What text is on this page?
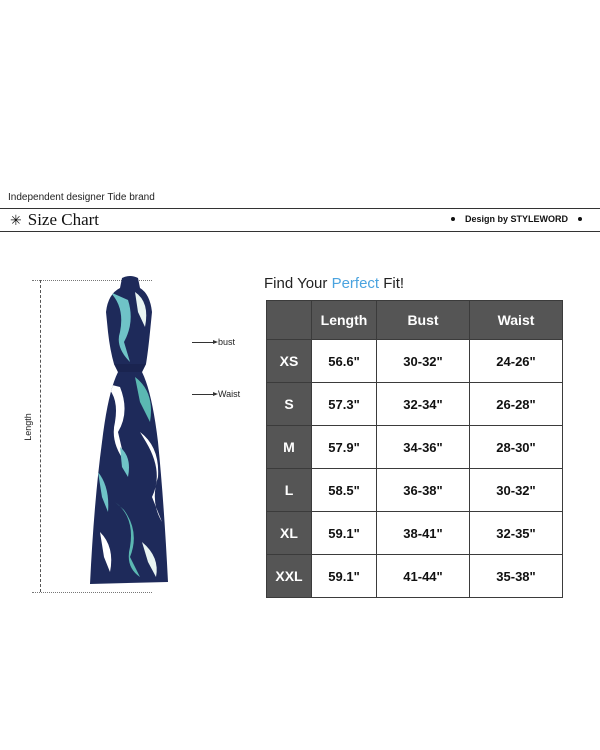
Independent designer Tide brand
✳ Size Chart	Design by STYLEWORD
Length
bust
Waist
Find Your Perfect Fit!
	Length	Bust	Waist
XS	56.6"	30-32"	24-26"
S	57.3"	32-34"	26-28"
M	57.9"	34-36"	28-30"
L	58.5"	36-38"	30-32"
XL	59.1"	38-41"	32-35"
XXL	59.1"	41-44"	35-38"
